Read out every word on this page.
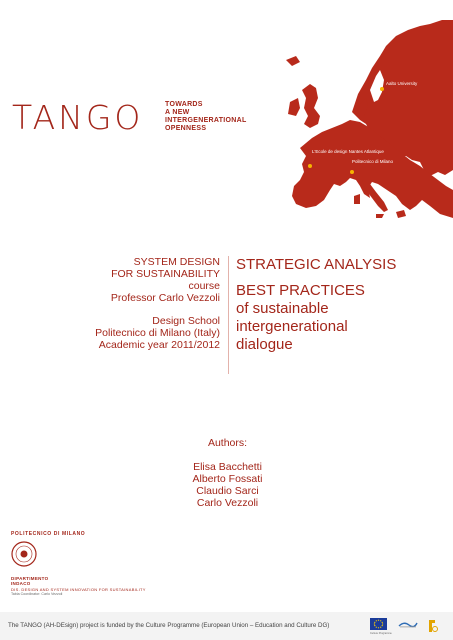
Aalto University
L'Ecole de design Nantes Atlantique
Politecnico di Milano
TANGO	TOWARDS
A NEW
INTERGENERATIONAL
OPENNESS
SYSTEM DESIGN
FOR SUSTAINABILITY
course
Professor Carlo Vezzoli
Design School
Politecnico di Milano (Italy)
Academic year 2011/2012
STRATEGIC ANALYSIS
BEST PRACTICES
of sustainable
intergenerational
dialogue
Authors:
Elisa Bacchetti
Alberto Fossati
Claudio Sarci
Carlo Vezzoli
POLITECNICO DI MILANO
DIPARTIMENTO
INDACO
DIS. DESIGN AND SYSTEM INNOVATION FOR SUSTAINABILITY
Tabia Coordinator: Carlo Vezzoli
The TANGO (AH-DEsign) project is funded by the Culture Programme (European Union – Education and Culture DG)
Culture Programme
